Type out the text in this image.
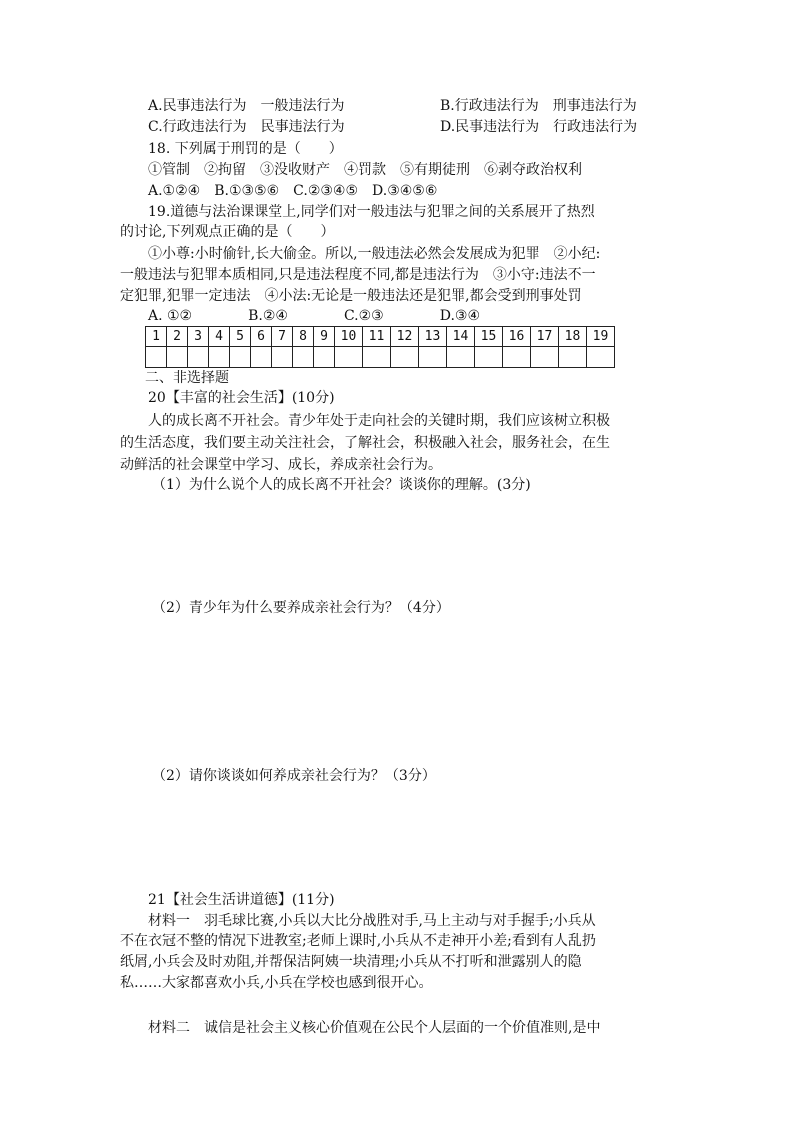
A.民事违法行为　一般违法行为	B.行政违法行为　刑事违法行为
C.行政违法行为　民事违法行为	D.民事违法行为　行政违法行为
18. 下列属于刑罚的是（　　）
①管制　②拘留　③没收财产　④罚款　⑤有期徒刑　⑥剥夺政治权利
A.①②④　B.①③⑤⑥　C.②③④⑤　D.③④⑤⑥
19.道德与法治课课堂上,同学们对一般违法与犯罪之间的关系展开了热烈
的讨论,下列观点正确的是（　　）
①小尊:小时偷针,长大偷金。所以,一般违法必然会发展成为犯罪　②小纪:
一般违法与犯罪本质相同,只是违法程度不同,都是违法行为　③小守:违法不一
定犯罪,犯罪一定违法　④小法:无论是一般违法还是犯罪,都会受到刑事处罚
A. ①②　　　　B.②④　　　　C.②③　　　　D.③④
1	2	3	4	5	6	7	8	9	10	11	12	13	14	15	16	17	18	19

二、非选择题
20【丰富的社会生活】(10分)
人的成长离不开社会。青少年处于走向社会的关键时期，我们应该树立积极
的生活态度，我们要主动关注社会，了解社会，积极融入社会，服务社会，在生
动鲜活的社会课堂中学习、成长，养成亲社会行为。
（1）为什么说个人的成长离不开社会？谈谈你的理解。(3分)
（2）青少年为什么要养成亲社会行为？（4分）
（2）请你谈谈如何养成亲社会行为？（3分）
21【社会生活讲道德】(11分)
材料一　羽毛球比赛,小兵以大比分战胜对手,马上主动与对手握手;小兵从
不在衣冠不整的情况下进教室;老师上课时,小兵从不走神开小差;看到有人乱扔
纸屑,小兵会及时劝阻,并帮保洁阿姨一块清理;小兵从不打听和泄露别人的隐
私……大家都喜欢小兵,小兵在学校也感到很开心。
材料二　诚信是社会主义核心价值观在公民个人层面的一个价值准则,是中
